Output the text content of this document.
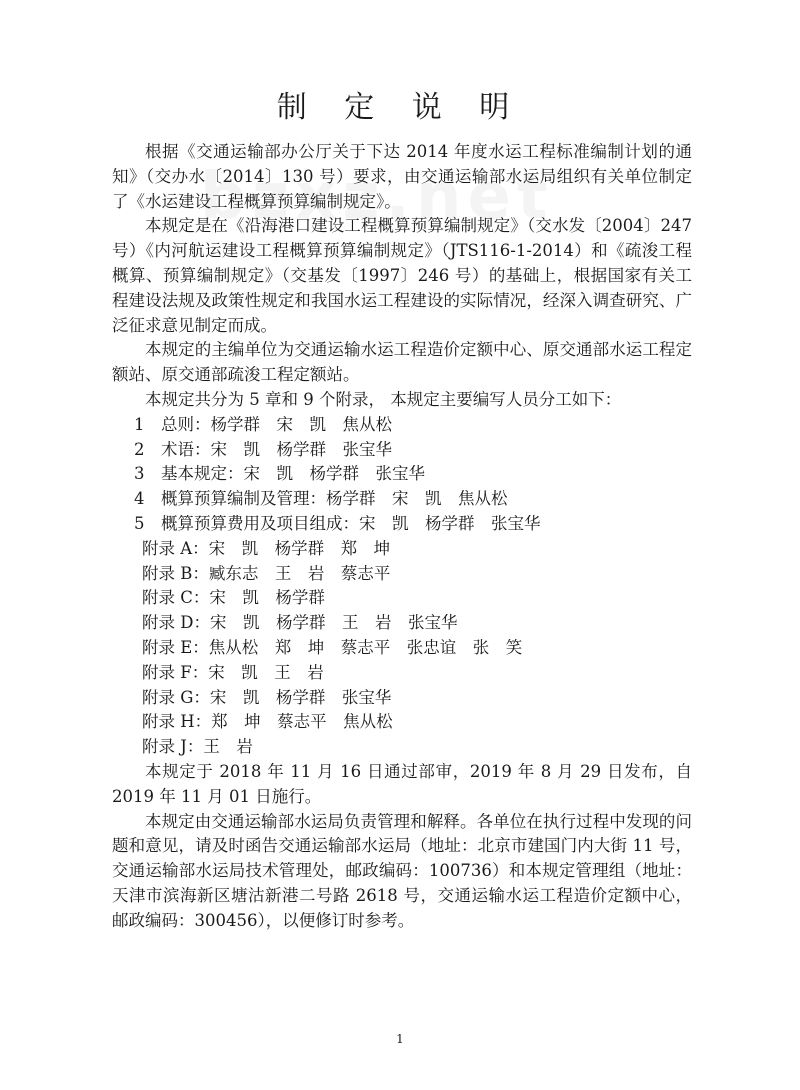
制 定 说 明

根据《交通运输部办公厅关于下达 2014 年度水运工程标准编制计划的通知》（交办水〔2014〕130 号）要求，由交通运输部水运局组织有关单位制定了《水运建设工程概算预算编制规定》。

本规定是在《沿海港口建设工程概算预算编制规定》（交水发〔2004〕247 号）《内河航运建设工程概算预算编制规定》（JTS116-1-2014）和《疏浚工程概算、预算编制规定》（交基发〔1997〕246 号）的基础上，根据国家有关工程建设法规及政策性规定和我国水运工程建设的实际情况，经深入调查研究、广泛征求意见制定而成。

本规定的主编单位为交通运输水运工程造价定额中心、原交通部水运工程定额站、原交通部疏浚工程定额站。

本规定共分为 5 章和 9 个附录， 本规定主要编写人员分工如下：

1　总则：杨学群　宋　凯　焦从松

2　术语：宋　凯　杨学群　张宝华

3　基本规定：宋　凯　杨学群　张宝华

4　概算预算编制及管理：杨学群　宋　凯　焦从松

5　概算预算费用及项目组成：宋　凯　杨学群　张宝华

附录 A：宋　凯　杨学群　郑　坤

附录 B：臧东志　王　岩　蔡志平

附录 C：宋　凯　杨学群

附录 D：宋　凯　杨学群　王　岩　张宝华

附录 E：焦从松　郑　坤　蔡志平　张忠谊　张　笑

附录 F：宋　凯　王　岩

附录 G：宋　凯　杨学群　张宝华

附录 H：郑　坤　蔡志平　焦从松

附录 J：王　岩

本规定于 2018 年 11 月 16 日通过部审，2019 年 8 月 29 日发布，自 2019 年 11 月 01 日施行。

本规定由交通运输部水运局负责管理和解释。各单位在执行过程中发现的问题和意见，请及时函告交通运输部水运局（地址：北京市建国门内大街 11 号，交通运输部水运局技术管理处，邮政编码：100736）和本规定管理组（地址：天津市滨海新区塘沽新港二号路 2618 号，交通运输水运工程造价定额中心，邮政编码：300456），以便修订时参考。

1
